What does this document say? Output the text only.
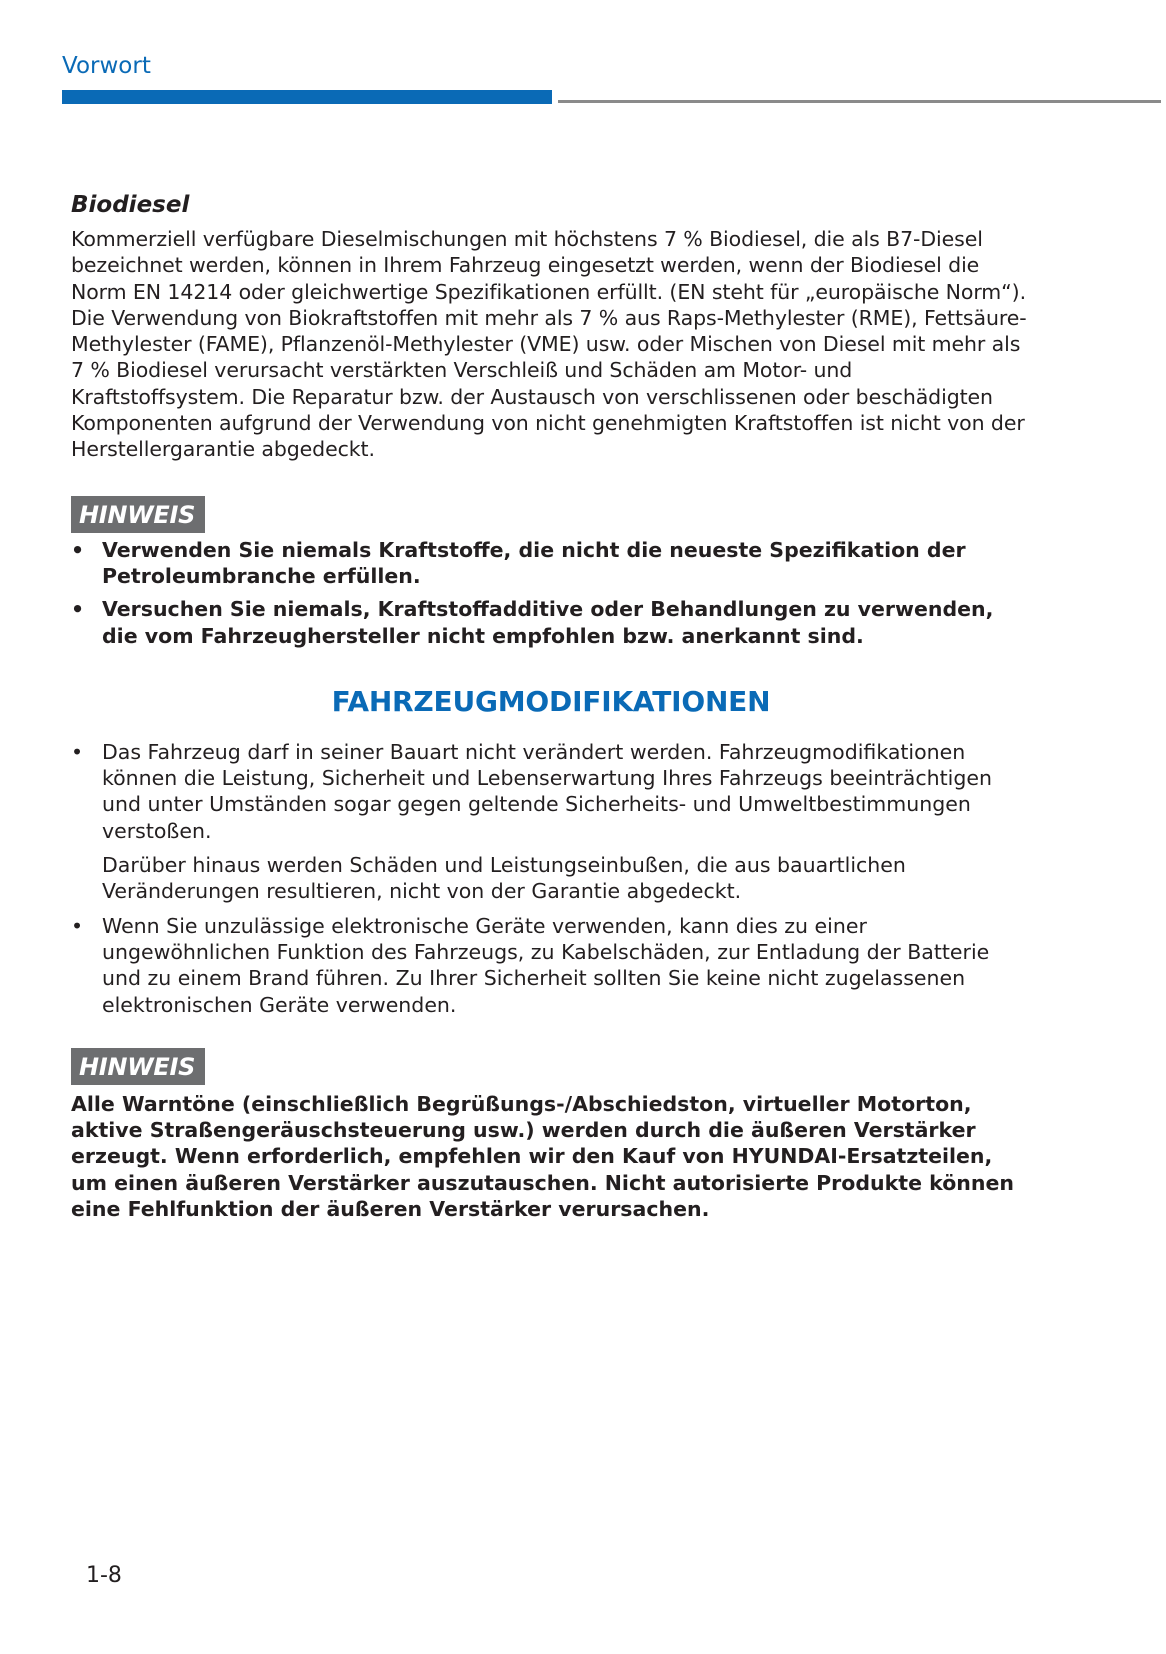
Vorwort
Biodiesel

Kommerziell verfügbare Dieselmischungen mit höchstens 7 % Biodiesel, die als B7-Diesel bezeichnet werden, können in Ihrem Fahrzeug eingesetzt werden, wenn der Biodiesel die Norm EN 14214 oder gleichwertige Spezifikationen erfüllt. (EN steht für „europäische Norm“). Die Verwendung von Biokraftstoffen mit mehr als 7 % aus Raps-Methylester (RME), Fettsäure-Methylester (FAME), Pflanzenöl-Methylester (VME) usw. oder Mischen von Diesel mit mehr als 7 % Biodiesel verursacht verstärkten Verschleiß und Schäden am Motor- und Kraftstoffsystem. Die Reparatur bzw. der Austausch von verschlissenen oder beschädigten Komponenten aufgrund der Verwendung von nicht genehmigten Kraftstoffen ist nicht von der Herstellergarantie abgedeckt.

HINWEIS
• Verwenden Sie niemals Kraftstoffe, die nicht die neueste Spezifikation der Petroleumbranche erfüllen.
• Versuchen Sie niemals, Kraftstoffadditive oder Behandlungen zu verwenden, die vom Fahrzeughersteller nicht empfohlen bzw. anerkannt sind.
FAHRZEUGMODIFIKATIONEN
• Das Fahrzeug darf in seiner Bauart nicht verändert werden. Fahrzeugmodifikationen können die Leistung, Sicherheit und Lebenserwartung Ihres Fahrzeugs beeinträchtigen und unter Umständen sogar gegen geltende Sicherheits- und Umweltbestimmungen verstoßen.
Darüber hinaus werden Schäden und Leistungseinbußen, die aus bauartlichen Veränderungen resultieren, nicht von der Garantie abgedeckt.
• Wenn Sie unzulässige elektronische Geräte verwenden, kann dies zu einer ungewöhnlichen Funktion des Fahrzeugs, zu Kabelschäden, zur Entladung der Batterie und zu einem Brand führen. Zu Ihrer Sicherheit sollten Sie keine nicht zugelassenen elektronischen Geräte verwenden.
HINWEIS

Alle Warntöne (einschließlich Begrüßungs-/Abschiedston, virtueller Motorton, aktive Straßengeräuschsteuerung usw.) werden durch die äußeren Verstärker erzeugt. Wenn erforderlich, empfehlen wir den Kauf von HYUNDAI-Ersatzteilen, um einen äußeren Verstärker auszutauschen. Nicht autorisierte Produkte können eine Fehlfunktion der äußeren Verstärker verursachen.

1-8
